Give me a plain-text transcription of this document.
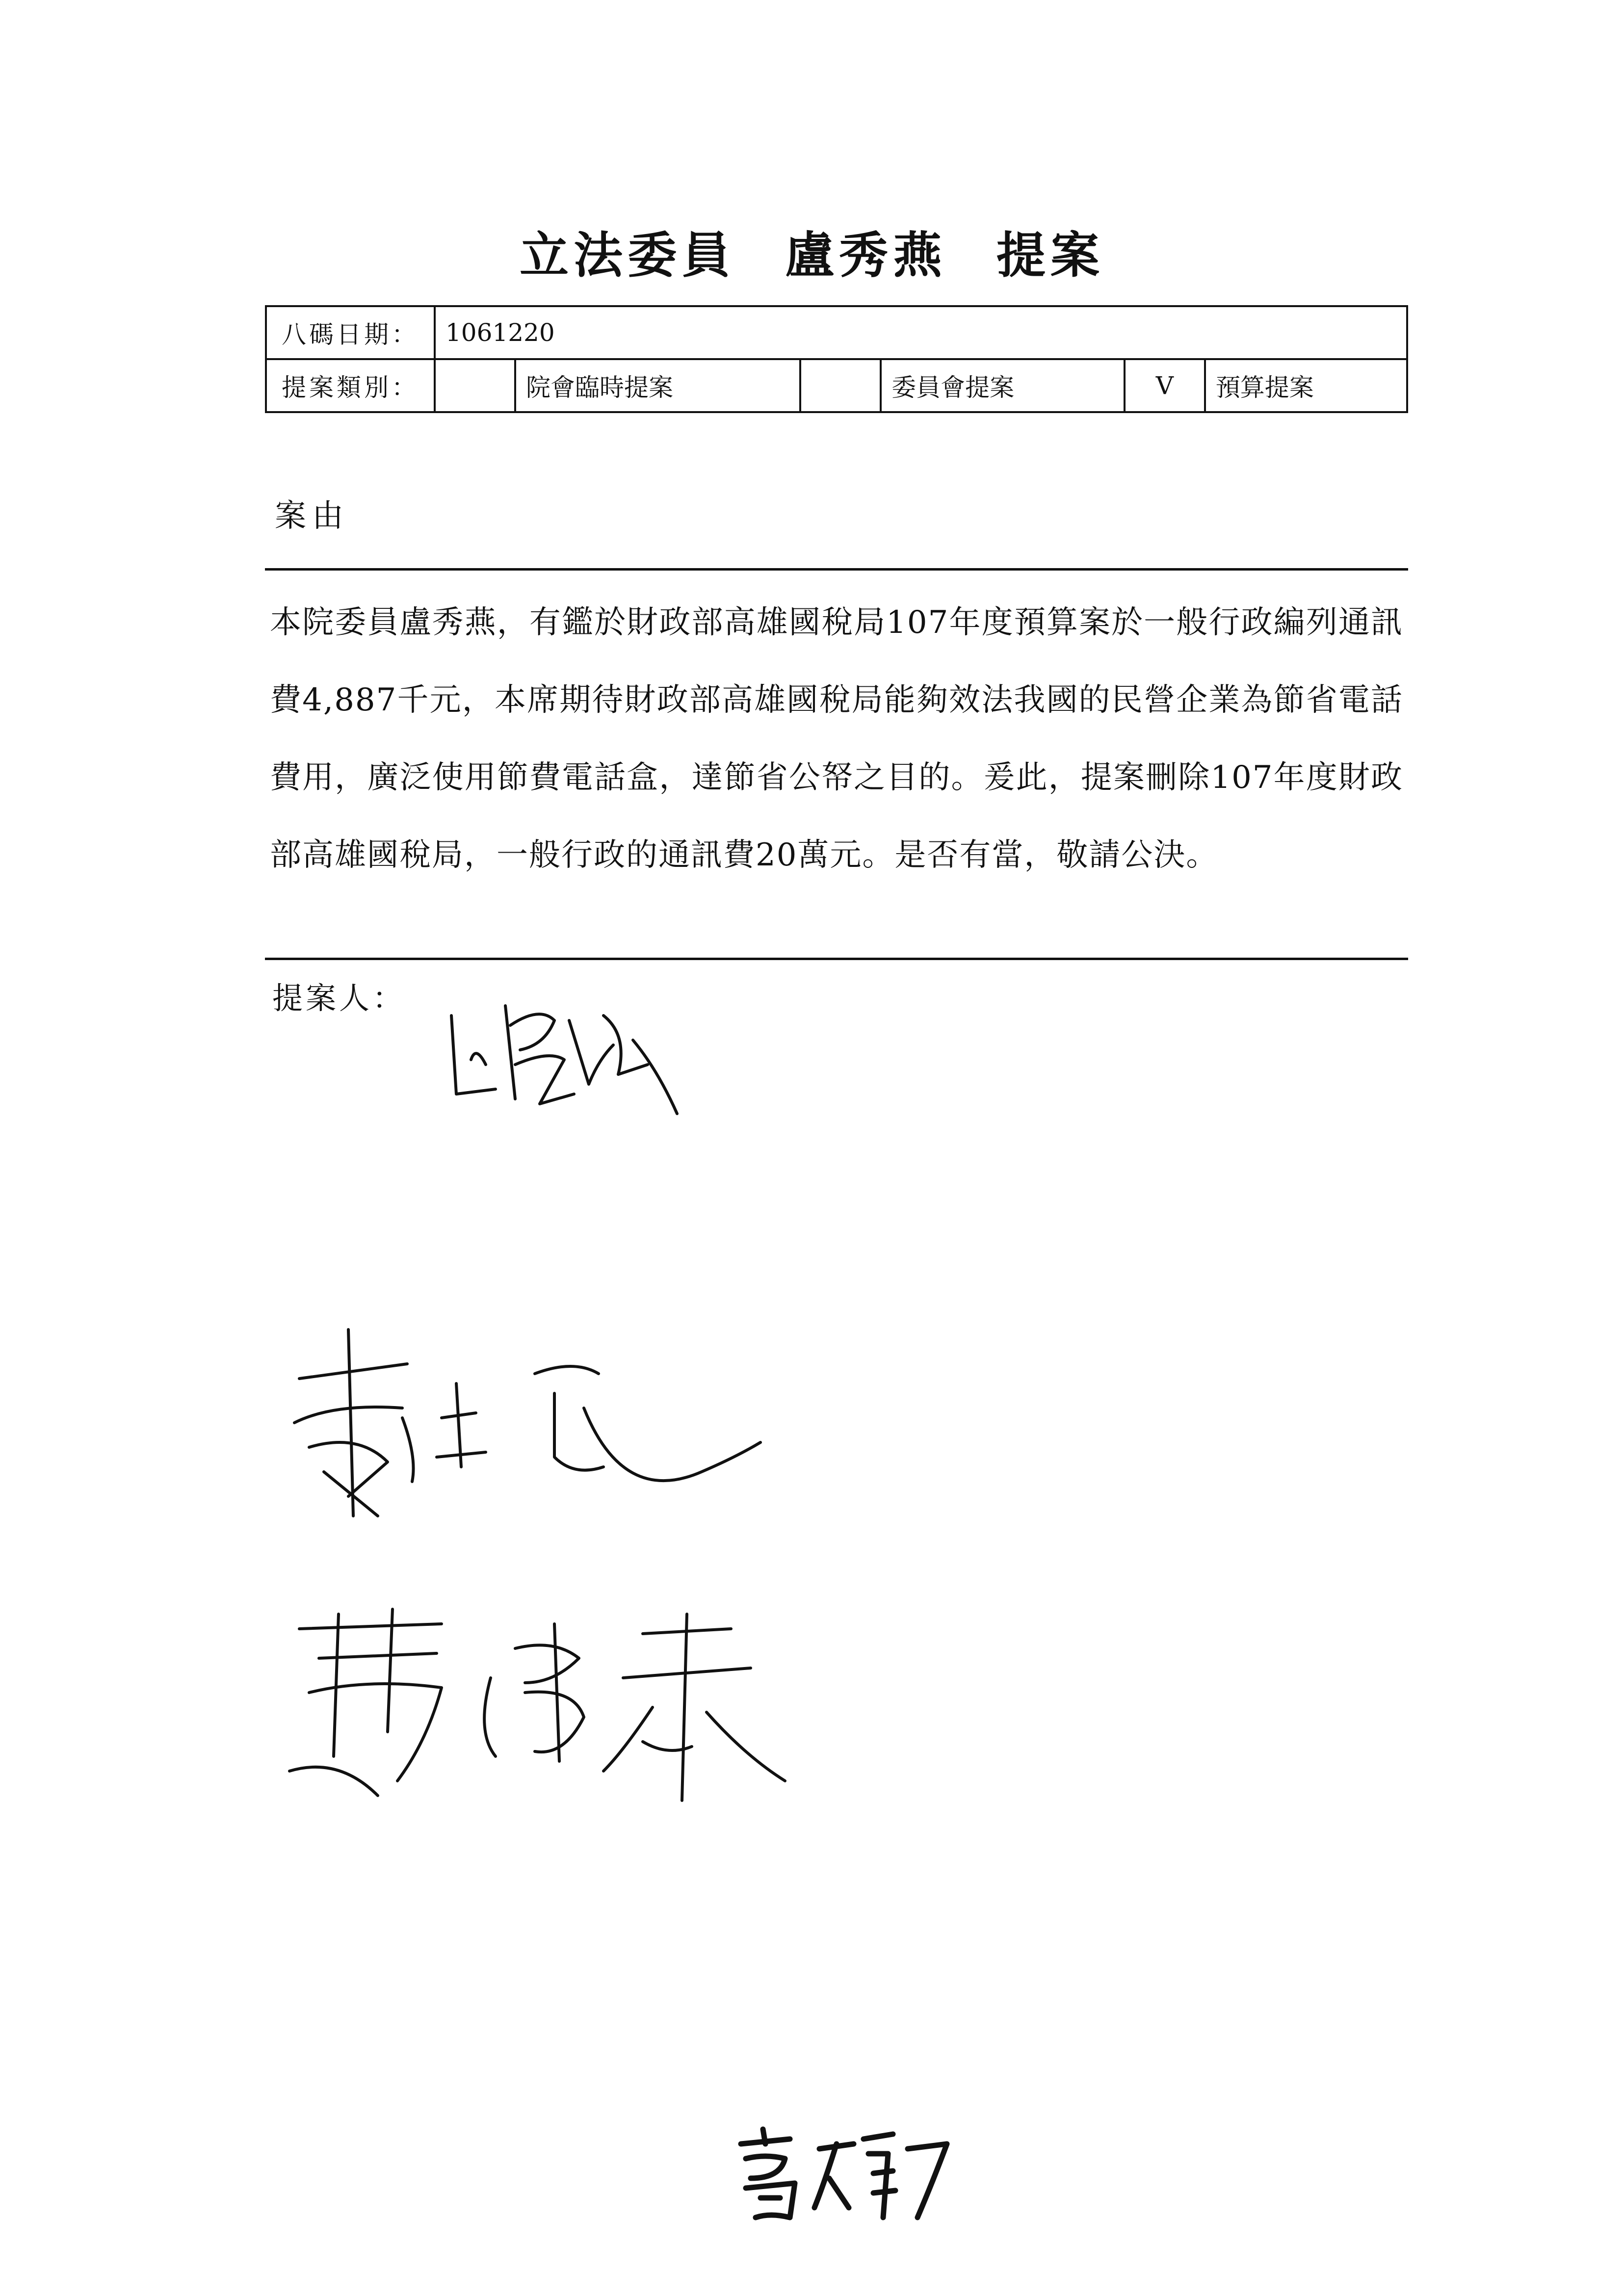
立法委員 盧秀燕 提案
八碼日期：	1061220					
提案類別：		院會臨時提案		委員會提案	V	預算提案
案由
本院委員盧秀燕，有鑑於財政部高雄國稅局107年度預算案於一般行政編列通訊費4,887千元，本席期待財政部高雄國稅局能夠效法我國的民營企業為節省電話費用，廣泛使用節費電話盒，達節省公帑之目的。爰此，提案刪除107年度財政部高雄國稅局，一般行政的通訊費20萬元。是否有當，敬請公決。
提案人：
